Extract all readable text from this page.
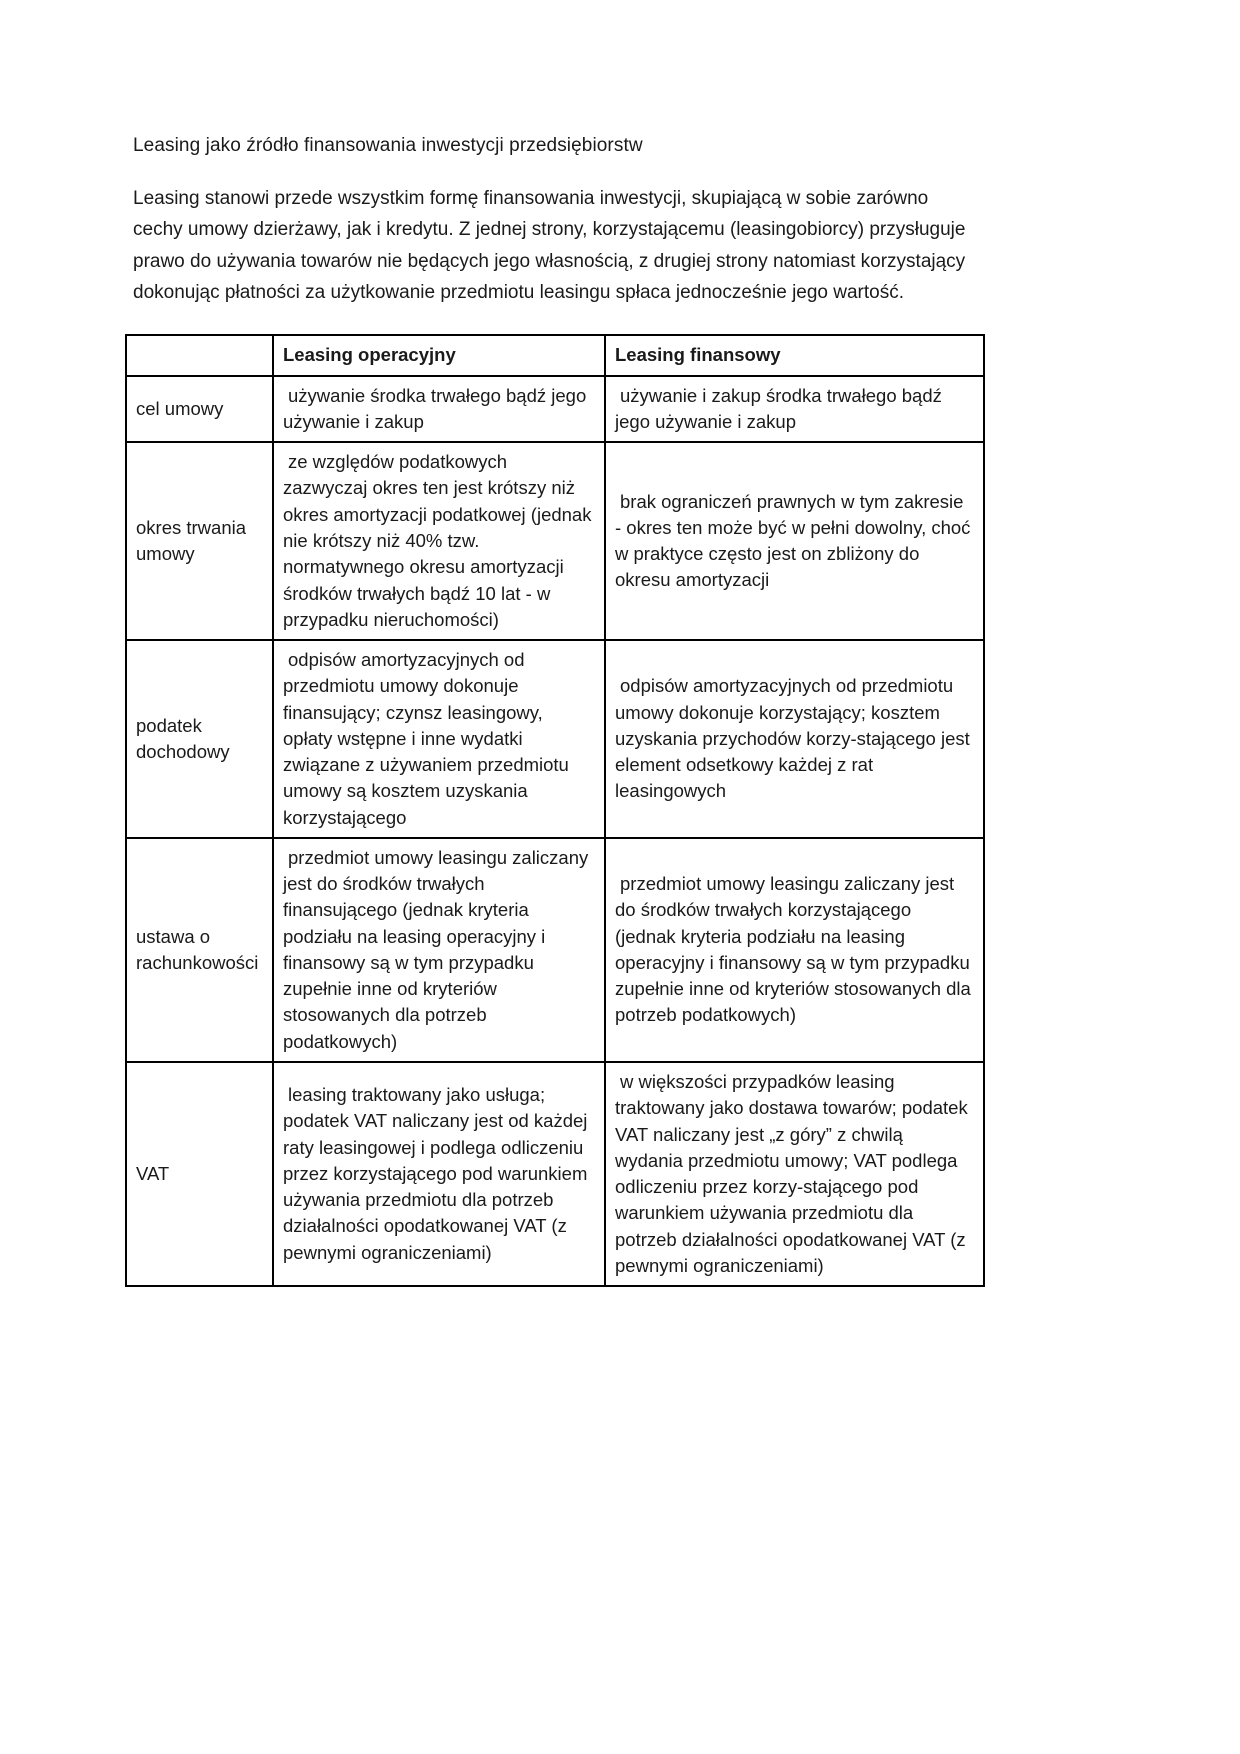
Leasing jako źródło finansowania inwestycji przedsiębiorstw

Leasing stanowi przede wszystkim formę finansowania inwestycji, skupiającą w sobie zarówno cechy umowy dzierżawy, jak i kredytu. Z jednej strony, korzystającemu (leasingobiorcy) przysługuje prawo do używania towarów nie będących jego własnością, z drugiej strony natomiast korzystający dokonując płatności za użytkowanie przedmiotu leasingu spłaca jednocześnie jego wartość.

	Leasing operacyjny	Leasing finansowy
cel umowy	używanie środka trwałego bądź jego używanie i zakup	używanie i zakup środka trwałego bądź jego używanie i zakup
okres trwania umowy	ze względów podatkowych zazwyczaj okres ten jest krótszy niż okres amortyzacji podatkowej (jednak nie krótszy niż 40% tzw. normatywnego okresu amortyzacji środków trwałych bądź 10 lat - w przypadku nieruchomości)	brak ograniczeń prawnych w tym zakresie - okres ten może być w pełni dowolny, choć w praktyce często jest on zbliżony do okresu amortyzacji
podatek dochodowy	odpisów amortyzacyjnych od przedmiotu umowy dokonuje finansujący; czynsz leasingowy, opłaty wstępne i inne wydatki związane z używaniem przedmiotu umowy są kosztem uzyskania korzystającego	odpisów amortyzacyjnych od przedmiotu umowy dokonuje korzystający; kosztem uzyskania przychodów korzy-stającego jest element odsetkowy każdej z rat leasingowych
ustawa o rachunkowości	przedmiot umowy leasingu zaliczany jest do środków trwałych finansującego (jednak kryteria podziału na leasing operacyjny i finansowy są w tym przypadku zupełnie inne od kryteriów stosowanych dla potrzeb podatkowych)	przedmiot umowy leasingu zaliczany jest do środków trwałych korzystającego (jednak kryteria podziału na leasing operacyjny i finansowy są w tym przypadku zupełnie inne od kryteriów stosowanych dla potrzeb podatkowych)
VAT	leasing traktowany jako usługa; podatek VAT naliczany jest od każdej raty leasingowej i podlega odliczeniu przez korzystającego pod warunkiem używania przedmiotu dla potrzeb działalności opodatkowanej VAT (z pewnymi ograniczeniami)	w większości przypadków leasing traktowany jako dostawa towarów; podatek VAT naliczany jest „z góry” z chwilą wydania przedmiotu umowy; VAT podlega odliczeniu przez korzy-stającego pod warunkiem używania przedmiotu dla potrzeb działalności opodatkowanej VAT (z pewnymi ograniczeniami)
